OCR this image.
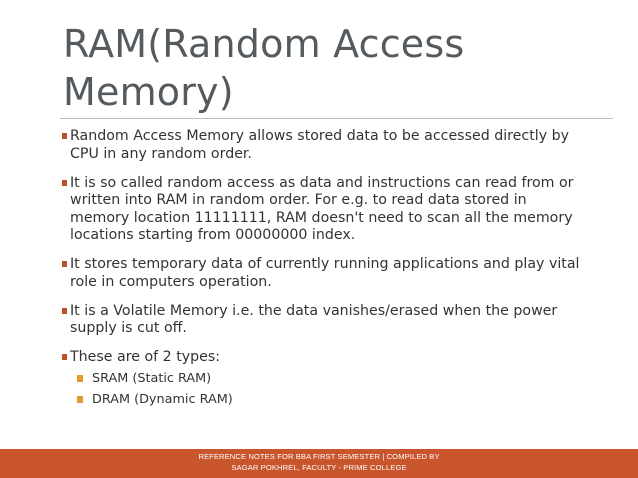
RAM(Random Access Memory)
Random Access Memory allows stored data to be accessed directly by CPU in any random order.
It is so called random access as data and instructions can read from or written into RAM in random order. For e.g. to read data stored in memory location 11111111, RAM doesn't need to scan all the memory locations starting from 00000000 index.
It stores temporary data of currently running applications and play vital role in computers operation.
It is a Volatile Memory i.e. the data vanishes/erased when the power supply is cut off.
These are of 2 types:
SRAM (Static RAM)
DRAM (Dynamic RAM)
REFERENCE NOTES FOR BBA FIRST SEMESTER | COMPILED BY SAGAR POKHREL, FACULTY - PRIME COLLEGE
